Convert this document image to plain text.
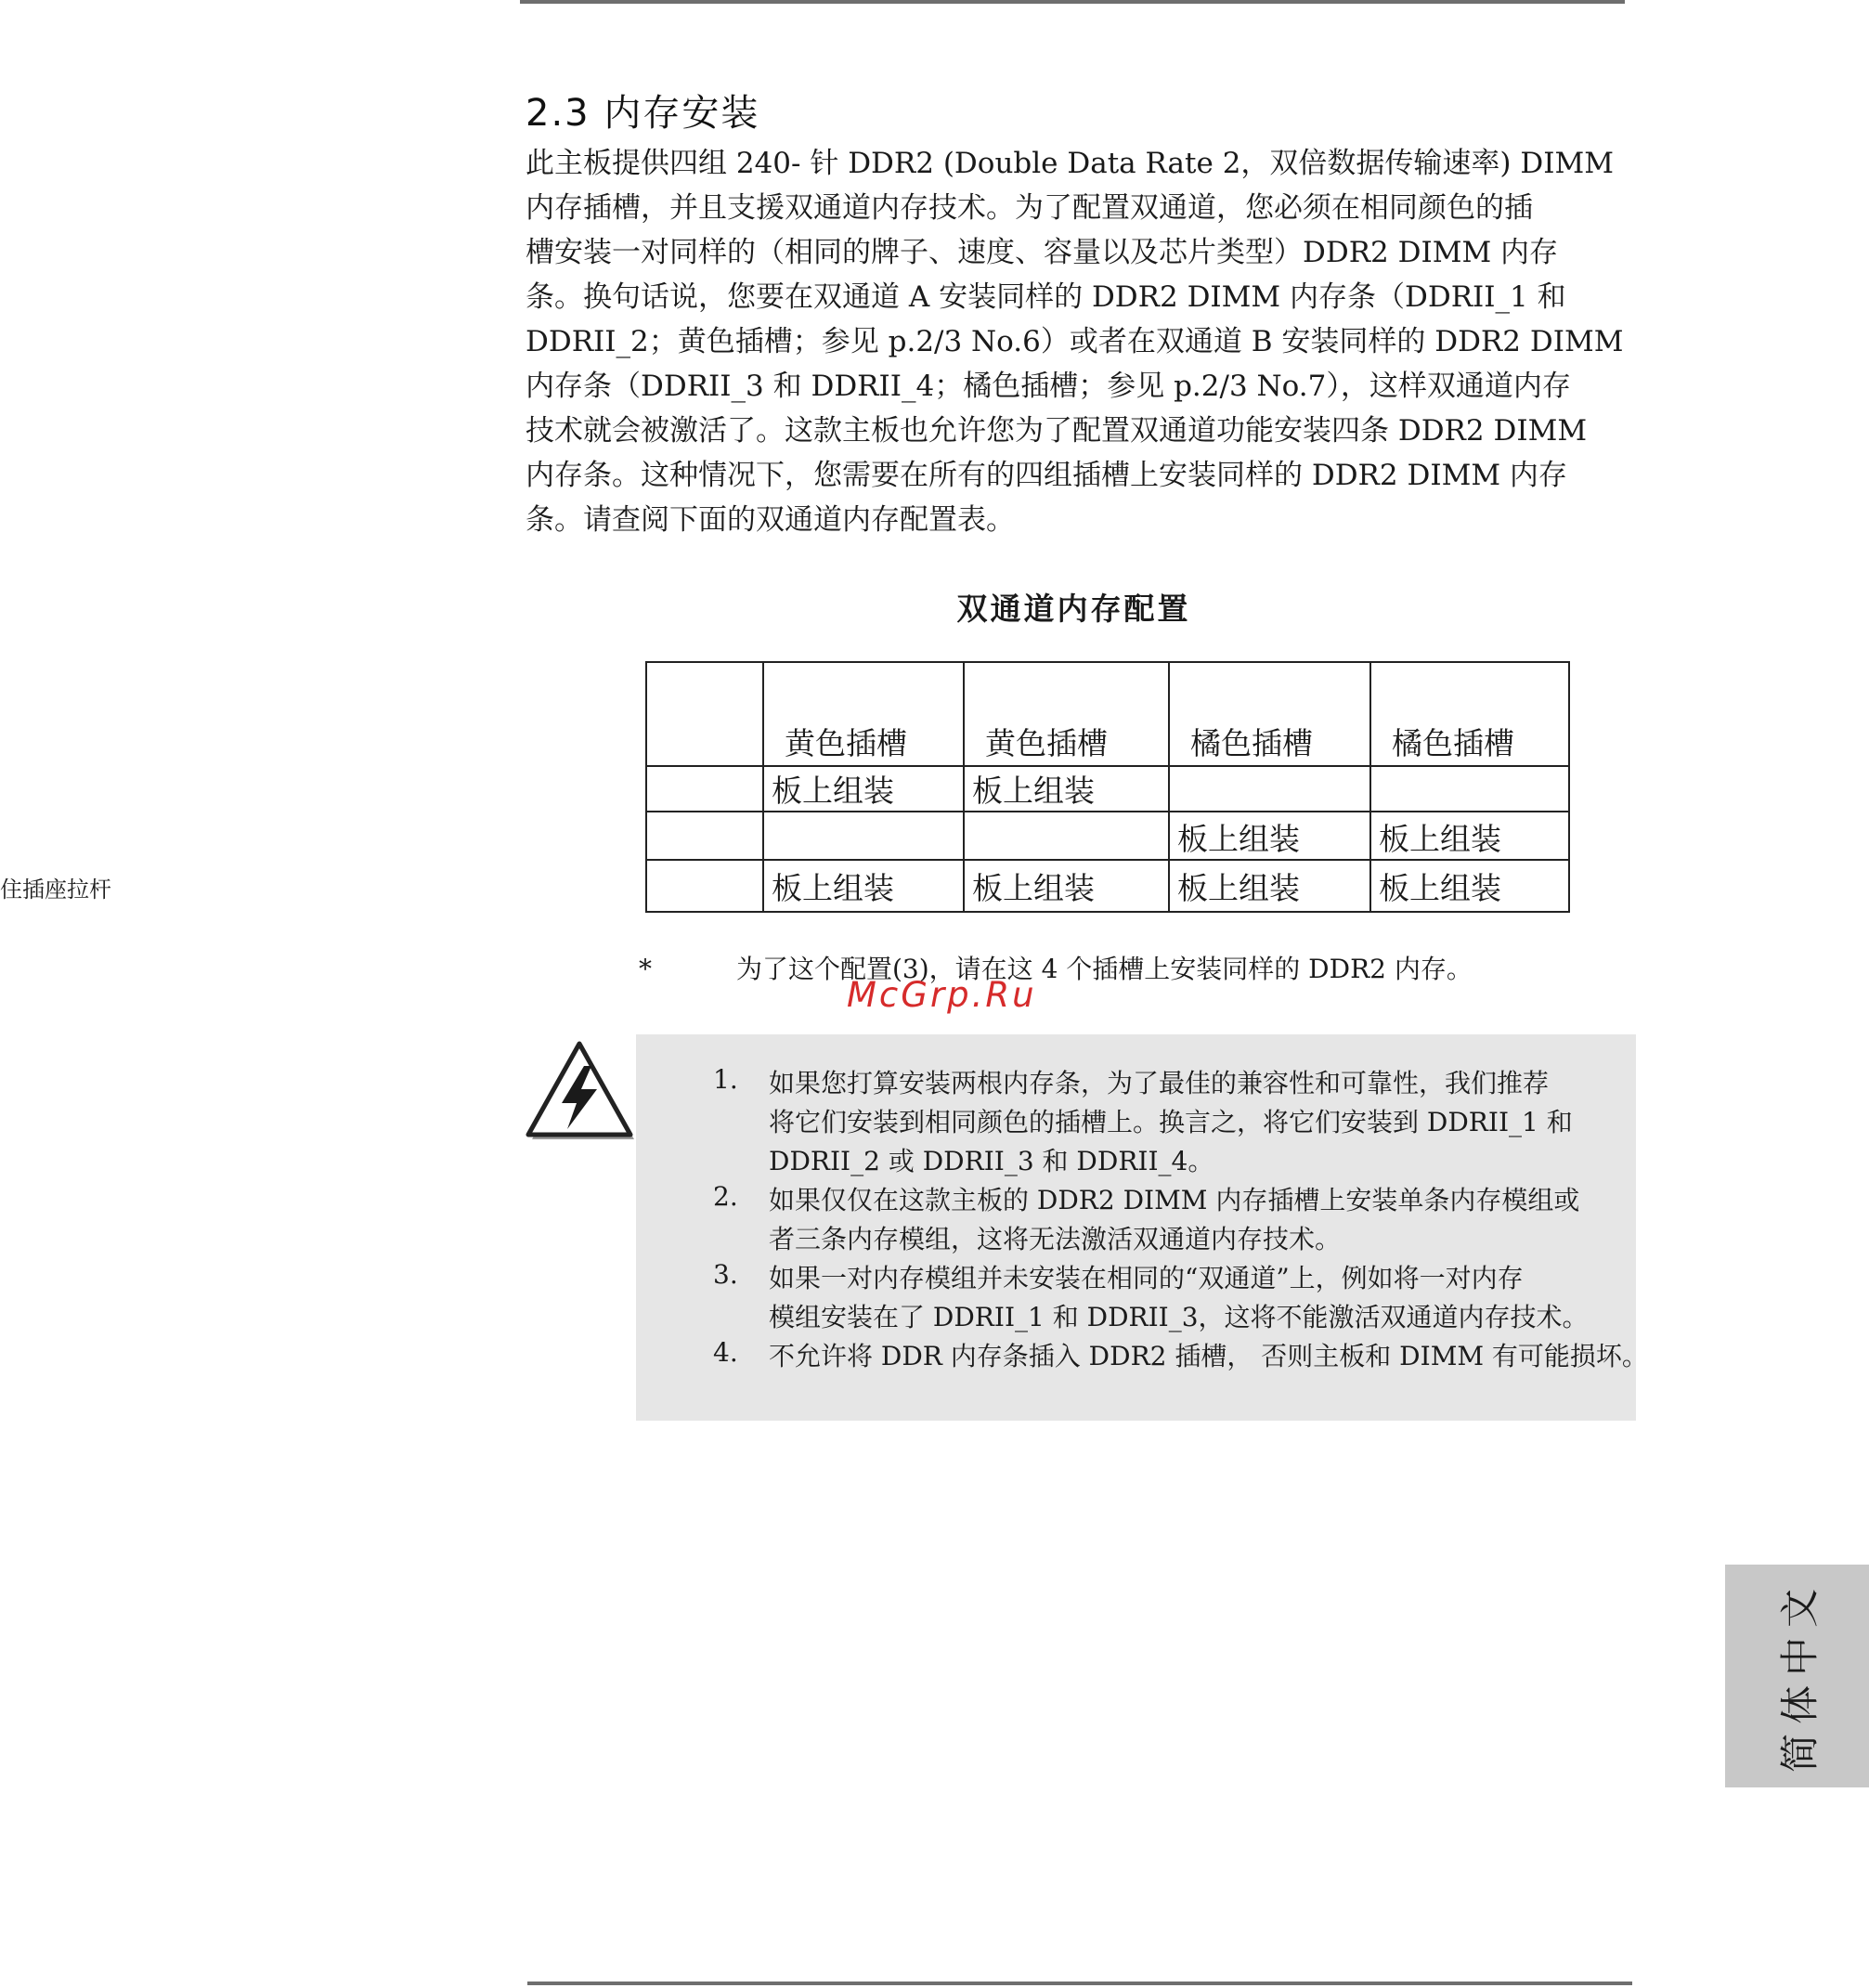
2.3 内存安装
此主板提供四组 240- 针 DDR2 (Double Data Rate 2，双倍数据传输速率) DIMM
内存插槽，并且支援双通道内存技术。为了配置双通道，您必须在相同颜色的插
槽安装一对同样的（相同的牌子、速度、容量以及芯片类型）DDR2 DIMM 内存
条。换句话说，您要在双通道 A 安装同样的 DDR2 DIMM 内存条（DDRII_1 和
DDRII_2；黄色插槽；参见 p.2/3 No.6）或者在双通道 B 安装同样的 DDR2 DIMM
内存条（DDRII_3 和 DDRII_4；橘色插槽；参见 p.2/3 No.7），这样双通道内存
技术就会被激活了。这款主板也允许您为了配置双通道功能安装四条 DDR2 DIMM
内存条。这种情况下，您需要在所有的四组插槽上安装同样的 DDR2 DIMM 内存
条。请查阅下面的双通道内存配置表。
双通道内存配置
	黄色插槽	黄色插槽	橘色插槽	橘色插槽
	板上组装	板上组装		
			板上组装	板上组装
	板上组装	板上组装	板上组装	板上组装
*	为了这个配置(3)，请在这 4 个插槽上安装同样的 DDR2 内存。
McGrp.Ru
住插座拉杆
1.	如果您打算安装两根内存条，为了最佳的兼容性和可靠性，我们推荐
将它们安装到相同颜色的插槽上。换言之，将它们安装到 DDRII_1 和
DDRII_2 或 DDRII_3 和 DDRII_4。
2.	如果仅仅在这款主板的 DDR2 DIMM 内存插槽上安装单条内存模组或
者三条内存模组，这将无法激活双通道内存技术。
3.	如果一对内存模组并未安装在相同的“双通道”上，例如将一对内存
模组安装在了 DDRII_1 和 DDRII_3，这将不能激活双通道内存技术。
4.	不允许将 DDR 内存条插入 DDR2 插槽， 否则主板和 DIMM 有可能损坏。
简体中文
